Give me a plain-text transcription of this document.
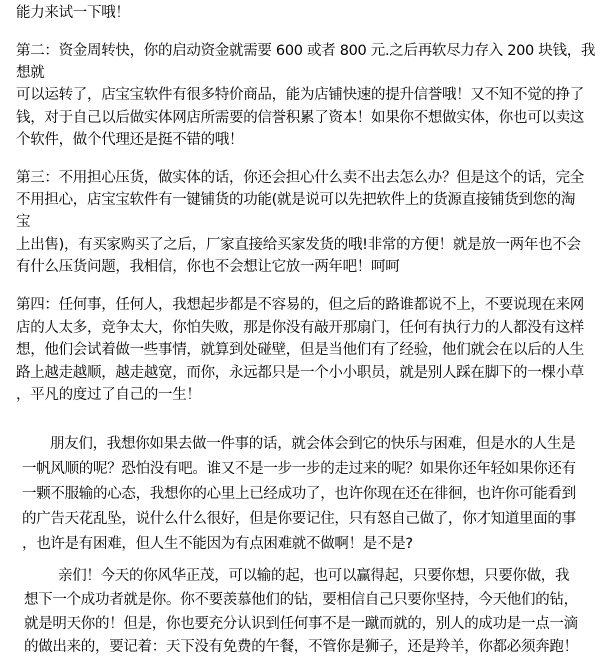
能力来试一下哦！
第二：资金周转快，你的启动资金就需要 600 或者 800 元.之后再软尽力存入 200 块钱，我
想就
可以运转了，店宝宝软件有很多特价商品，能为店铺快速的提升信誉哦！又不知不觉的挣了
钱，对于自己以后做实体网店所需要的信誉积累了资本！如果你不想做实体，你也可以卖这
个软件，做个代理还是挺不错的哦！
第三：不用担心压货，做实体的话，你还会担心什么卖不出去怎么办？但是这个的话，完全
不用担心，店宝宝软件有一键铺货的功能(就是说可以先把软件上的货源直接铺货到您的淘
宝
上出售)，有买家购买了之后，厂家直接给买家发货的哦!非常的方便！就是放一两年也不会
有什么压货问题，我相信，你也不会想让它放一两年吧！呵呵
第四：任何事，任何人，我想起步都是不容易的，但之后的路谁都说不上，不要说现在来网
店的人太多，竞争太大，你怕失败，那是你没有敲开那扇门，任何有执行力的人都没有这样
想，他们会试着做一些事情，就算到处碰壁，但是当他们有了经验，他们就会在以后的人生
路上越走越顺，越走越宽，而你，永远都只是一个小小职员，就是别人踩在脚下的一棵小草
，平凡的度过了自己的一生！
朋友们，我想你如果去做一件事的话，就会体会到它的快乐与困难，但是水的人生是
一帆风顺的呢？恐怕没有吧。谁又不是一步一步的走过来的呢？如果你还年轻如果你还有
一颗不服输的心态，我想你的心里上已经成功了，也许你现在还在徘徊，也许你可能看到
的广告天花乱坠，说什么什么很好，但是你要记住，只有怒自己做了，你才知道里面的事
，也许是有困难，但人生不能因为有点困难就不做啊！是不是?
亲们！今天的你风华正茂，可以输的起，也可以赢得起，只要你想，只要你做，我
想下一个成功者就是你。你不要羡慕他们的钻，要相信自己只要你坚持，今天他们的钻，
就是明天你的！但是，你也要充分认识到任何事不是一蹴而就的，别人的成功是一点一滴
的做出来的，要记着：天下没有免费的午餐，不管你是狮子，还是羚羊，你都必须奔跑！
